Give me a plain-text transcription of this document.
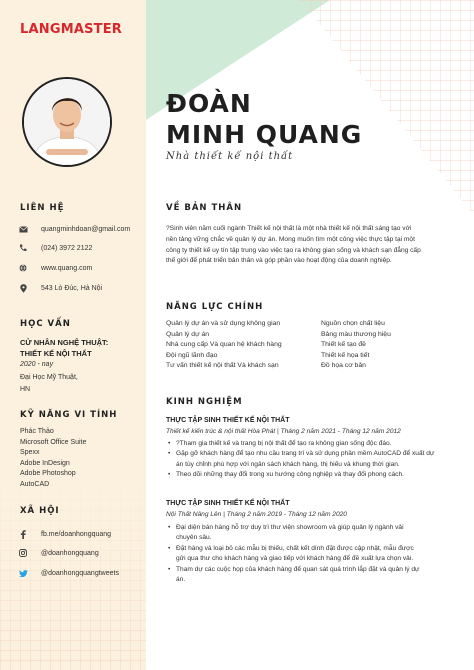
LANGMASTER
ĐOÀN
MINH QUANG
Nhà thiết kế nội thất
LIÊN HỆ
quangminhdoan@gmail.com
(024) 3972 2122
www.quang.com
543 Lò Đúc, Hà Nội
HỌC VẤN
CỬ NHÂN NGHỆ THUẬT:
THIẾT KẾ NỘI THẤT
2020 - nay
Đại Học Mỹ Thuật,
HN
KỸ NĂNG VI TÍNH
Phác Thảo
Microsoft Office Suite
Spexx
Adobe InDesign
Adobe Photoshop
AutoCAD
XÃ HỘI
fb.me/doanhongquang
@doanhongquang
@doanhongquangtweets
VỀ BẢN THÂN
?Sinh viên năm cuối ngành Thiết kế nội thất là một nhà thiết kế nội thất sáng tạo với
nền tảng vững chắc về quản lý dự án. Mong muốn tìm một công việc thực tập tại một
công ty thiết kế uy tín tập trung vào việc tạo ra không gian sống và khách sạn đẳng cấp
thế giới để phát triển bản thân và góp phần vào hoạt động của doanh nghiệp.
NĂNG LỰC CHÍNH
Quản lý dự án và sử dụng không gian
Quản lý dự án
Nhà cung cấp Và quan hệ khách hàng
Đội ngũ lãnh đạo
Tư vấn thiết kế nội thất Và khách sạn
Nguồn chọn chất liệu
Bảng màu thương hiệu
Thiết kế tạo đề
Thiết kế họa tiết
Đồ họa cơ bản
KINH NGHIỆM
THỰC TẬP SINH THIẾT KẾ NỘI THẤT
Thiết kế kiến trúc & nội thất Hòa Phát | Tháng 2 năm 2021 - Tháng 12 năm 2012
• ?Tham gia thiết kế và trang bị nội thất để tạo ra không gian sống độc đáo.
• Gặp gỡ khách hàng để tạo nhu cầu trang trí và sử dụng phần mềm AutoCAD để xuất dự
án tùy chỉnh phù hợp với ngân sách khách hàng, thị hiếu và khung thời gian.
• Theo dõi những thay đổi trong xu hướng công nghiệp và thay đổi phong cách.
THỰC TẬP SINH THIẾT KẾ NỘI THẤT
Nội Thất Nâng Lên | Tháng 2 năm 2019 - Tháng 12 năm 2020
• Đại diện bán hàng hỗ trợ duy trì thư viện showroom và giúp quản lý ngành vải
chuyên sâu.
• Đặt hàng và loại bỏ các mẫu bị thiếu, chất kết dính đặt được cập nhật, mẫu được
gửi qua thư cho khách hàng và giao tiếp với khách hàng để đề xuất lựa chọn vải.
• Tham dự các cuộc họp của khách hàng để quan sát quá trình lắp đặt và quản lý dự
án.
